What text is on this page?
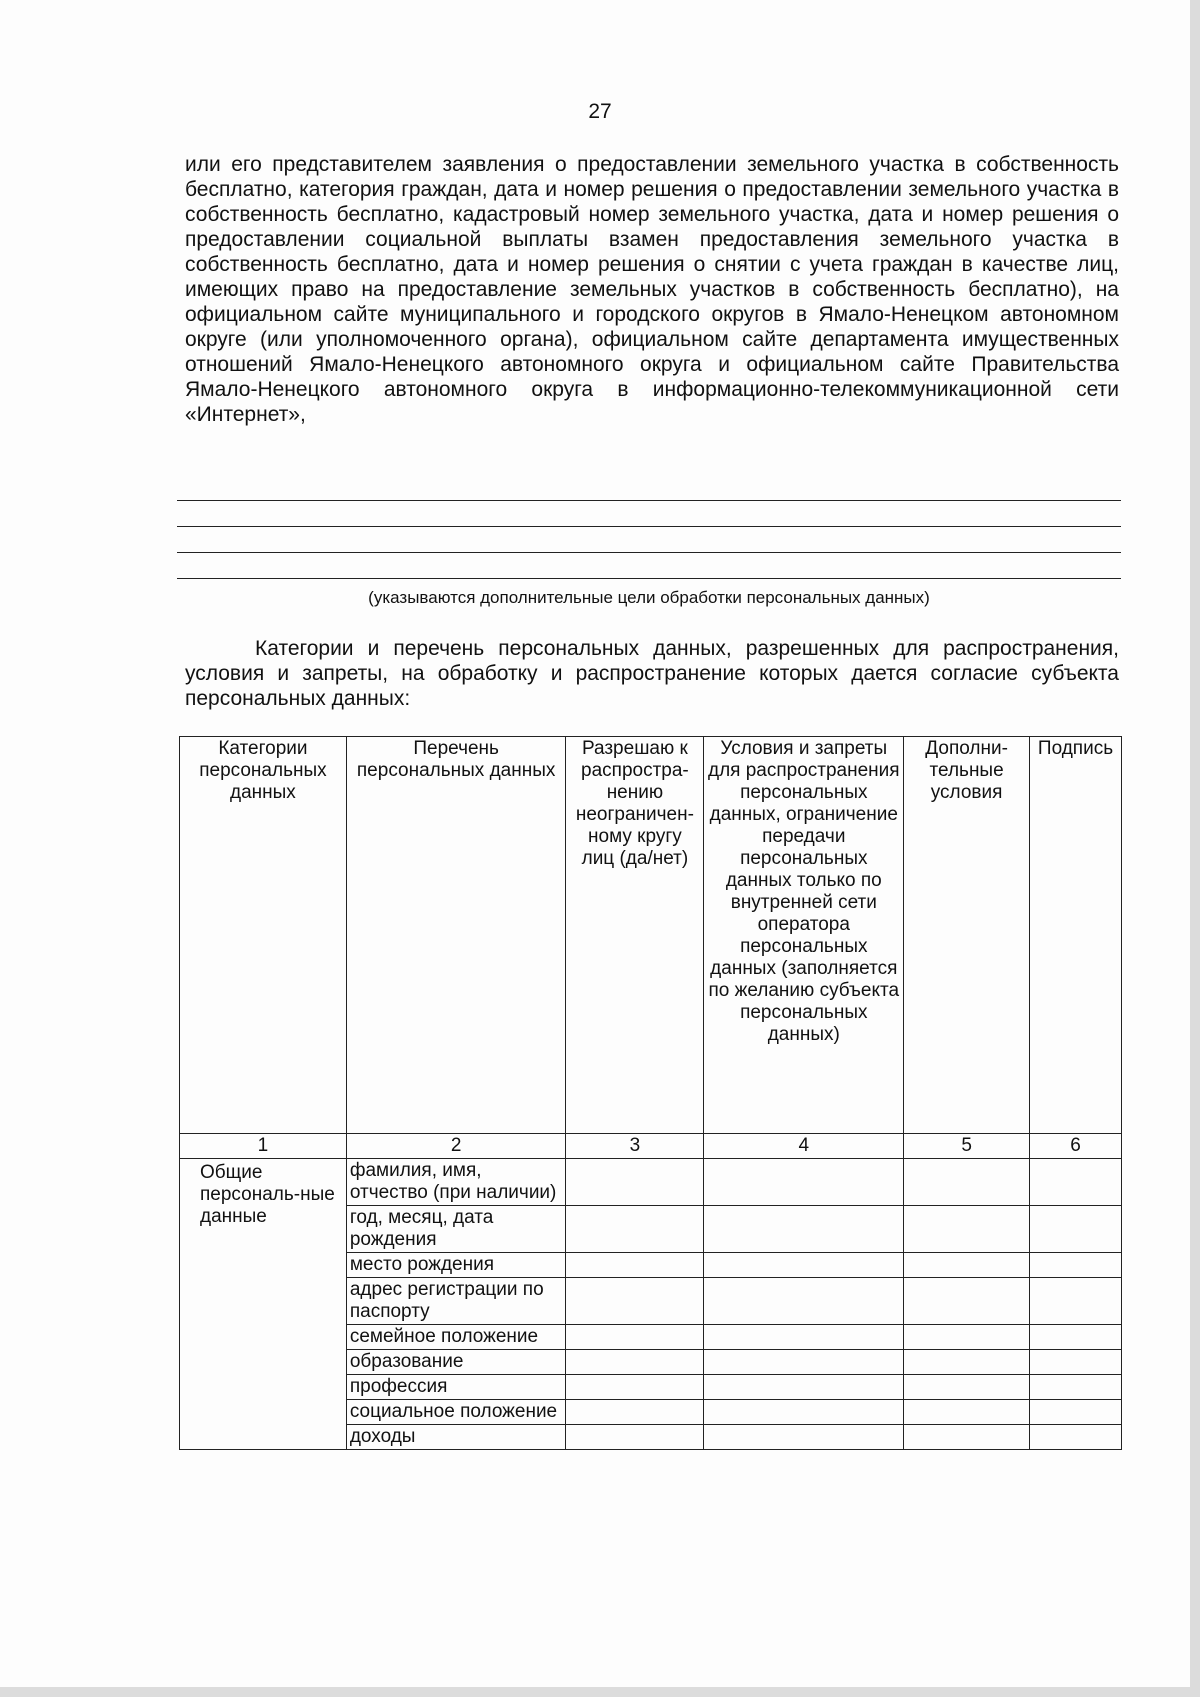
27
или его представителем заявления о предоставлении земельного участка в собственность бесплатно, категория граждан, дата и номер решения о предоставлении земельного участка в собственность бесплатно, кадастровый номер земельного участка, дата и номер решения о предоставлении социальной выплаты взамен предоставления земельного участка в собственность бесплатно, дата и номер решения о снятии с учета граждан в качестве лиц, имеющих право на предоставление земельных участков в собственность бесплатно), на официальном сайте муниципального и городского округов в Ямало-Ненецком автономном округе (или уполномоченного органа), официальном сайте департамента имущественных отношений Ямало-Ненецкого автономного округа и официальном сайте Правительства Ямало-Ненецкого автономного округа в информационно-телекоммуникационной сети «Интернет»,
(указываются дополнительные цели обработки персональных данных)
Категории и перечень персональных данных, разрешенных для распространения, условия и запреты, на обработку и распространение которых дается согласие субъекта персональных данных:
Категории персональных данных	Перечень персональных данных	Разрешаю к распростра-нению неограничен-ному кругу лиц (да/нет)	Условия и запреты для распространения персональных данных, ограничение передачи персональных данных только по внутренней сети оператора персональных данных (заполняется по желанию субъекта персональных данных)	Дополни-тельные условия	Подпись
1	2	3	4	5	6
Общие персональ-ные данные	фамилия, имя, отчество (при наличии)				
	год, месяц, дата рождения				
	место рождения				
	адрес регистрации по паспорту				
	семейное положение				
	образование				
	профессия				
	социальное положение				
	доходы				
